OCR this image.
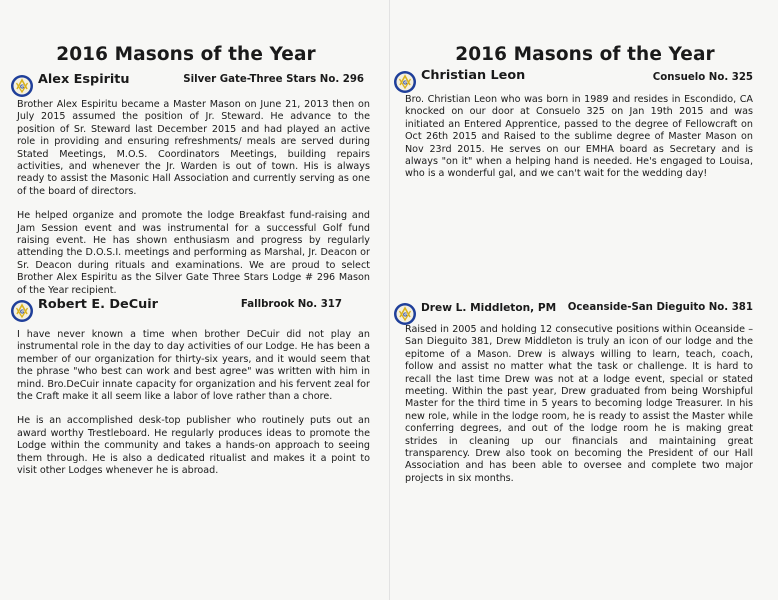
2016 Masons of the Year
G
Alex Espiritu	Silver Gate-Three Stars No. 296

Brother Alex Espiritu became a Master Mason on June 21, 2013 then on July 2015 assumed the position of Jr. Steward. He advance to the position of Sr. Steward last December 2015 and had played an active role in providing and ensuring refreshments/ meals are served during Stated Meetings, M.O.S. Coordinators Meetings, building repairs activities, and whenever the Jr. Warden is out of town. His is always ready to assist the Masonic Hall Association and currently serving as one of the board of directors.

He helped organize and promote the lodge Breakfast fund-raising and Jam Session event and was instrumental for a successful Golf fund raising event. He has shown enthusiasm and progress by regularly attending the D.O.S.I. meetings and performing as Marshal, Jr. Deacon or Sr. Deacon during rituals and examinations. We are proud to select Brother Alex Espiritu as the Silver Gate Three Stars Lodge # 296 Mason of the Year recipient.

G
Robert E. DeCuir	Fallbrook No. 317

I have never known a time when brother DeCuir did not play an instrumental role in the day to day activities of our Lodge. He has been a member of our organization for thirty-six years, and it would seem that the phrase "who best can work and best agree" was written with him in mind. Bro.DeCuir innate capacity for organization and his fervent zeal for the Craft make it all seem like a labor of love rather than a chore.

He is an accomplished desk-top publisher who routinely puts out an award worthy Trestleboard. He regularly produces ideas to promote the Lodge within the community and takes a hands-on approach to seeing them through. He is also a dedicated ritualist and makes it a point to visit other Lodges whenever he is abroad.

2016 Masons of the Year
G
Christian Leon	Consuelo No. 325

Bro. Christian Leon who was born in 1989 and resides in Escondido, CA knocked on our door at Consuelo 325 on Jan 19th 2015 and was initiated an Entered Apprentice, passed to the degree of Fellowcraft on Oct 26th 2015 and Raised to the sublime degree of Master Mason on Nov 23rd 2015. He serves on our EMHA board as Secretary and is always "on it" when a helping hand is needed. He's engaged to Louisa, who is a wonderful gal, and we can't wait for the wedding day!

G
Drew L. Middleton, PM Oceanside-San Dieguito No. 381

Raised in 2005 and holding 12 consecutive positions within Oceanside – San Dieguito 381, Drew Middleton is truly an icon of our lodge and the epitome of a Mason. Drew is always willing to learn, teach, coach, follow and assist no matter what the task or challenge. It is hard to recall the last time Drew was not at a lodge event, special or stated meeting. Within the past year, Drew graduated from being Worshipful Master for the third time in 5 years to becoming lodge Treasurer. In his new role, while in the lodge room, he is ready to assist the Master while conferring degrees, and out of the lodge room he is making great strides in cleaning up our financials and maintaining great transparency. Drew also took on becoming the President of our Hall Association and has been able to oversee and complete two major projects in six months.
